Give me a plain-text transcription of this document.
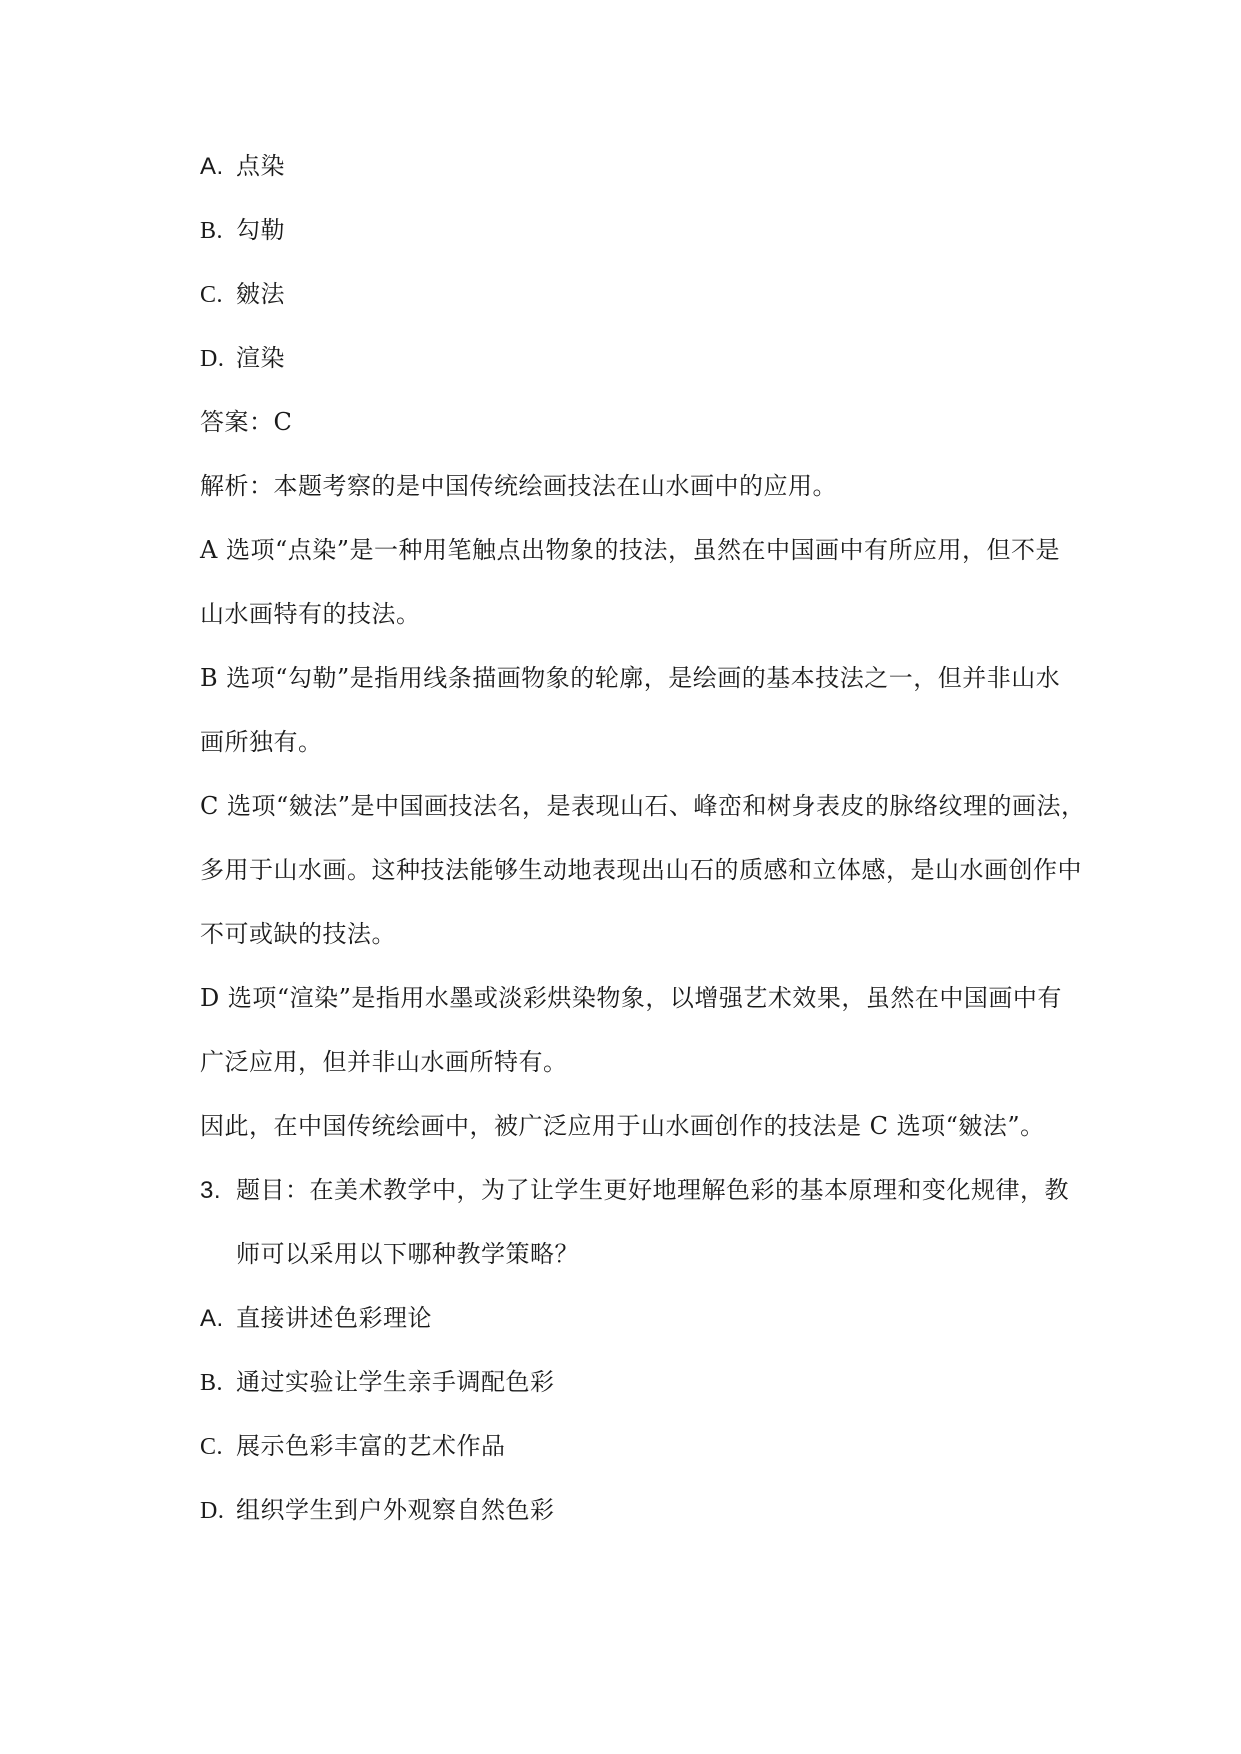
A. 点染
B. 勾勒
C. 皴法
D. 渲染
答案：C
解析：本题考察的是中国传统绘画技法在山水画中的应用。
A 选项“点染”是一种用笔触点出物象的技法，虽然在中国画中有所应用，但不是
山水画特有的技法。
B 选项“勾勒”是指用线条描画物象的轮廓，是绘画的基本技法之一，但并非山水
画所独有。
C 选项“皴法”是中国画技法名，是表现山石、峰峦和树身表皮的脉络纹理的画法，
多用于山水画。这种技法能够生动地表现出山石的质感和立体感，是山水画创作中
不可或缺的技法。
D 选项“渲染”是指用水墨或淡彩烘染物象，以增强艺术效果，虽然在中国画中有
广泛应用，但并非山水画所特有。
因此，在中国传统绘画中，被广泛应用于山水画创作的技法是 C 选项“皴法”。
3. 题目：在美术教学中，为了让学生更好地理解色彩的基本原理和变化规律，教
师可以采用以下哪种教学策略？
A. 直接讲述色彩理论
B. 通过实验让学生亲手调配色彩
C. 展示色彩丰富的艺术作品
D. 组织学生到户外观察自然色彩
